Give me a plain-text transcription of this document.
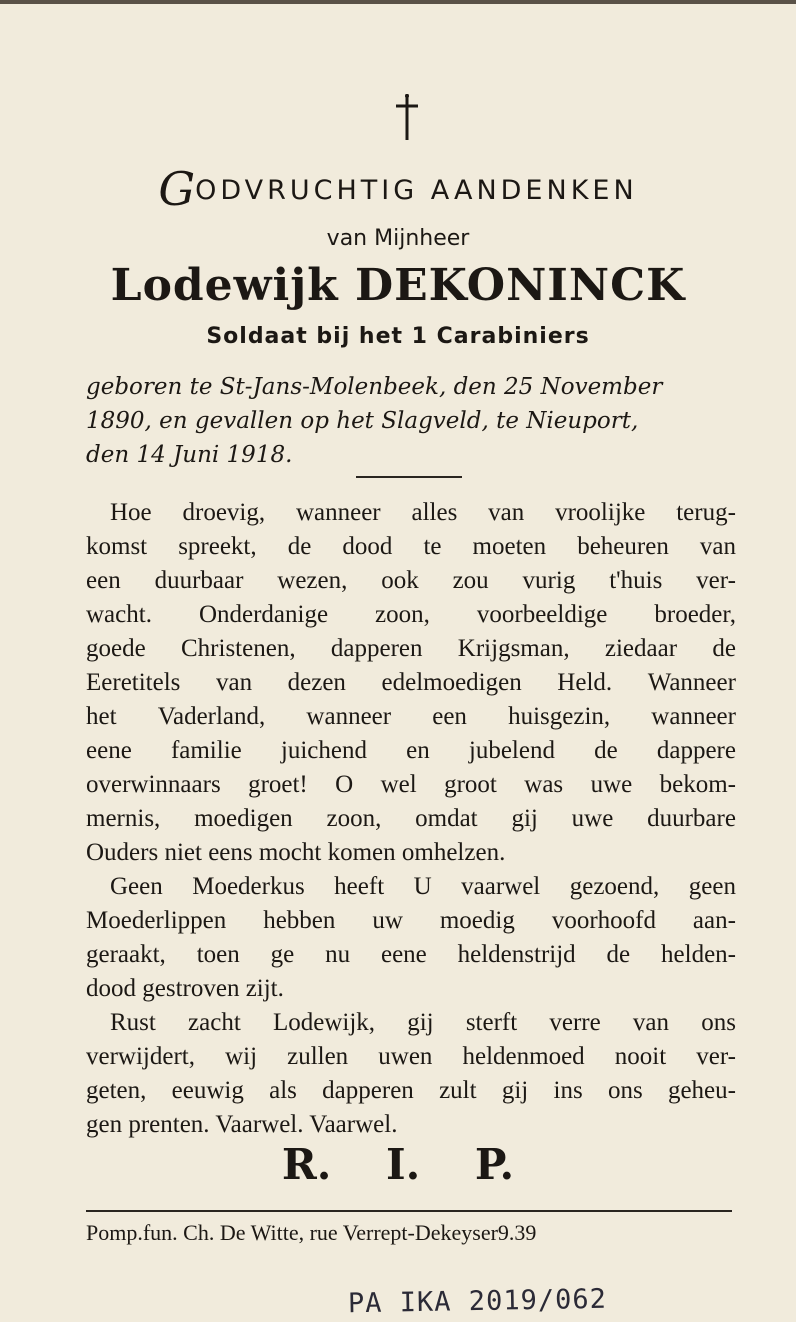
GODVRUCHTIG AANDENKEN
van Mijnheer
Lodewijk DEKONINCK
Soldaat bij het 1 Carabiniers
geboren te St-Jans-Molenbeek, den 25 November
1890, en gevallen op het Slagveld, te Nieuport,
den 14 Juni 1918.
Hoe droevig, wanneer alles van vroolijke terug-
komst spreekt, de dood te moeten beheuren van
een duurbaar wezen, ook zou vurig t'huis ver-
wacht. Onderdanige zoon, voorbeeldige broeder,
goede Christenen, dapperen Krijgsman, ziedaar de
Eeretitels van dezen edelmoedigen Held. Wanneer
het Vaderland, wanneer een huisgezin, wanneer
eene familie juichend en jubelend de dappere
overwinnaars groet! O wel groot was uwe bekom-
mernis, moedigen zoon, omdat gij uwe duurbare
Ouders niet eens mocht komen omhelzen.
Geen Moederkus heeft U vaarwel gezoend, geen
Moederlippen hebben uw moedig voorhoofd aan-
geraakt, toen ge nu eene heldenstrijd de helden-
dood gestroven zijt.
Rust zacht Lodewijk, gij sterft verre van ons
verwijdert, wij zullen uwen heldenmoed nooit ver-
geten, eeuwig als dapperen zult gij ins ons geheu-
gen prenten. Vaarwel. Vaarwel.
R. I. P.
Pomp.fun. Ch. De Witte, rue Verrept-Dekeyser9.39
PA IKA 2019/062
